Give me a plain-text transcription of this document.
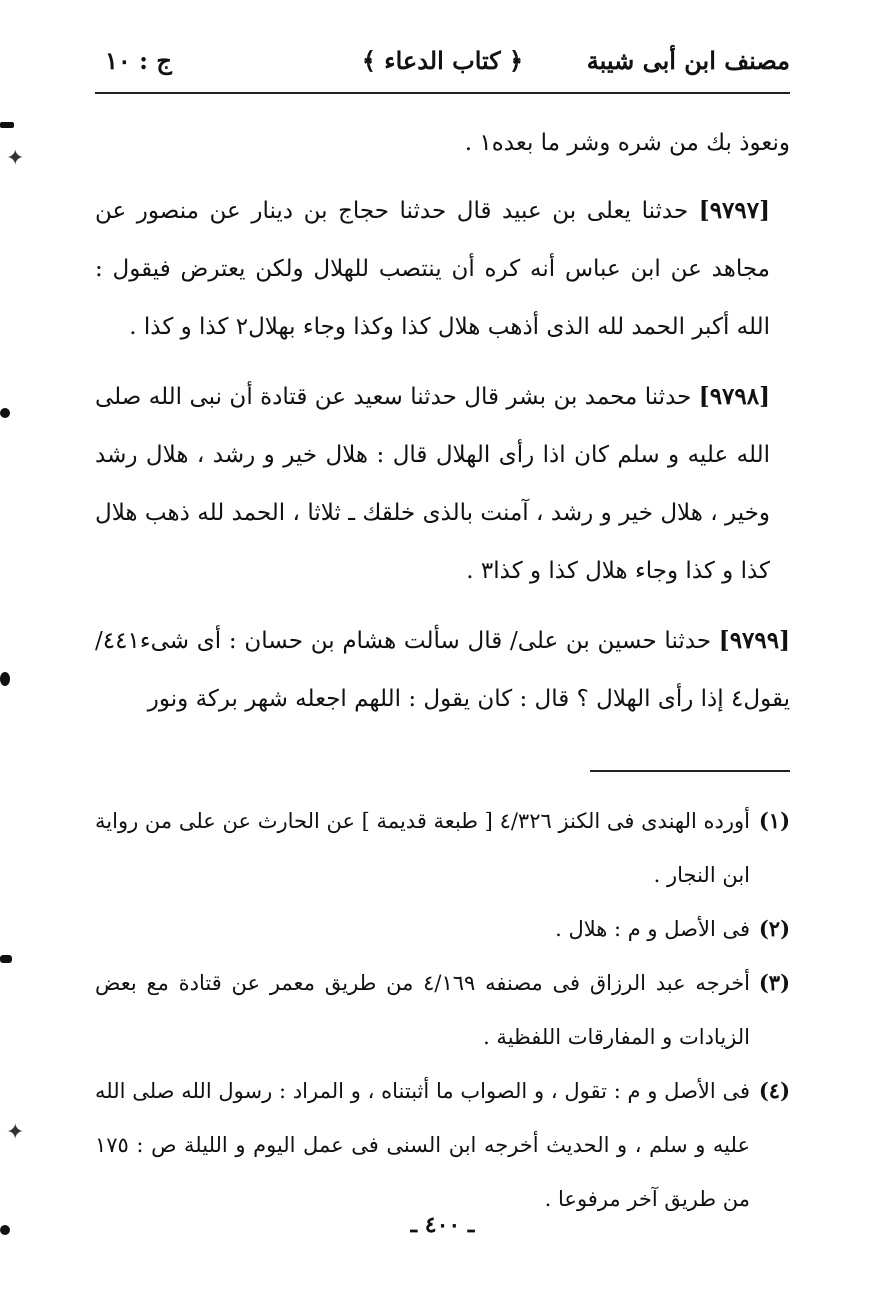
مصنف ابن أبى شيبة
﴿ كتاب الدعاء ﴾
ج : ١٠

ونعوذ بك من شره وشر ما بعده١ .

[٩٧٩٧] حدثنا يعلى بن عبيد قال حدثنا حجاج بن دينار عن منصور عن مجاهد عن ابن عباس أنه كره أن ينتصب للهلال ولكن يعترض فيقول : الله أكبر الحمد لله الذى أذهب هلال كذا وكذا وجاء بهلال٢ كذا و كذا .

[٩٧٩٨] حدثنا محمد بن بشر قال حدثنا سعيد عن قتادة أن نبى الله صلى الله عليه و سلم كان اذا رأى الهلال قال : هلال خير و رشد ، هلال رشد وخير ، هلال خير و رشد ، آمنت بالذى خلقك ـ ثلاثا ، الحمد لله ذهب هلال كذا و كذا وجاء هلال كذا و كذا٣ .

٤٤١/	[٩٧٩٩] حدثنا حسين بن على/ قال سألت هشام بن حسان : أى شىء يقول٤ إذا رأى الهلال ؟ قال : كان يقول : اللهم اجعله شهر بركة ونور

(١)
أورده الهندى فى الكنز ٤/٣٢٦ [ طبعة قديمة ] عن الحارث عن على من رواية ابن النجار .
(٢)
فى الأصل و م : هلال .
(٣)
أخرجه عبد الرزاق فى مصنفه ٤/١٦٩ من طريق معمر عن قتادة مع بعض الزيادات و المفارقات اللفظية .
(٤)
فى الأصل و م : تقول ، و الصواب ما أثبتناه ، و المراد : رسول الله صلى الله عليه و سلم ، و الحديث أخرجه ابن السنى فى عمل اليوم و الليلة ص : ١٧٥ من طريق آخر مرفوعا .
ـ ٤٠٠ ـ
✦
✦
